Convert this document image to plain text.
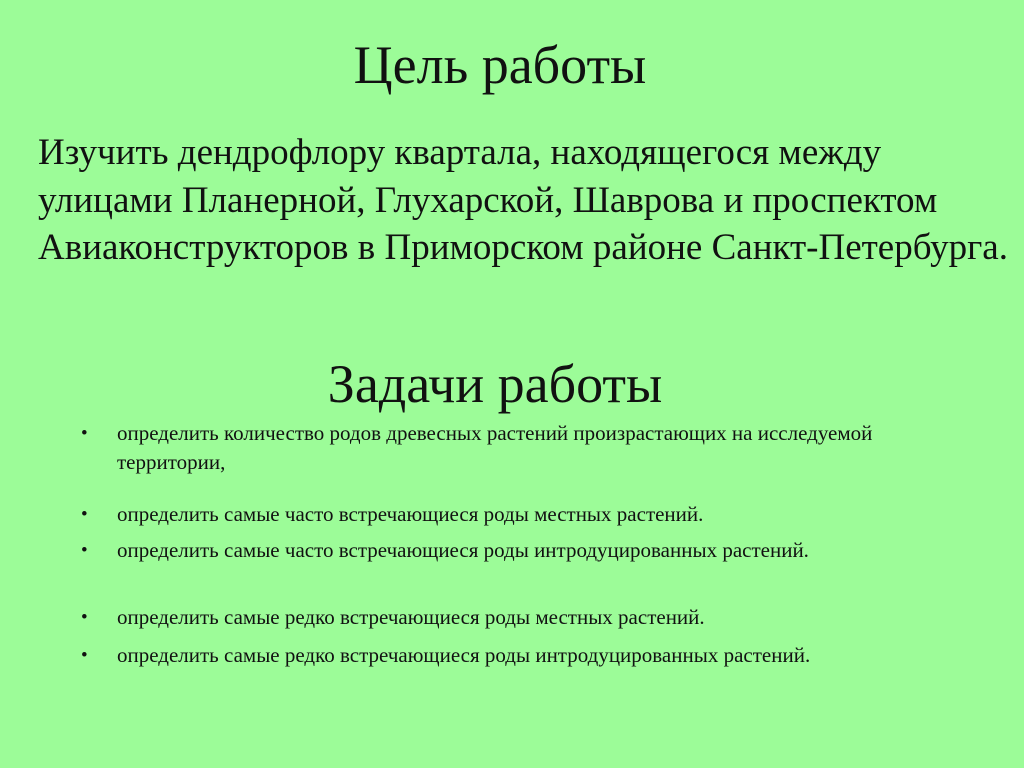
Цель работы

Изучить дендрофлору квартала, находящегося между улицами Планерной, Глухарской, Шаврова и проспектом Авиаконструкторов в Приморском районе Санкт-Петербурга.

Задачи работы
• определить количество родов древесных растений произрастающих на исследуемой территории,
• определить самые часто встречающиеся роды местных растений.
• определить самые часто встречающиеся роды интродуцированных растений.
• определить самые редко встречающиеся роды местных растений.
• определить самые редко встречающиеся роды интродуцированных растений.
